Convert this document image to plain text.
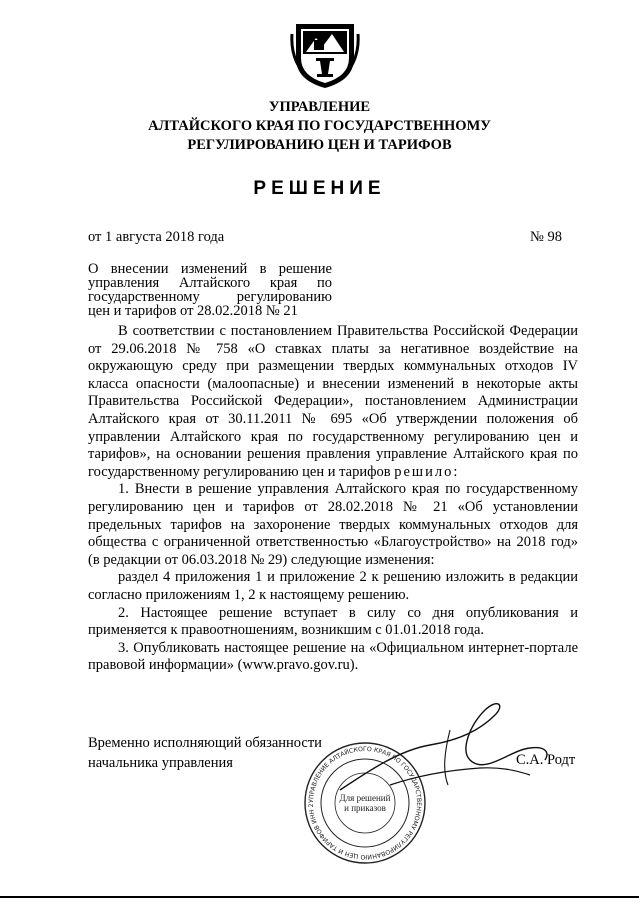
УПРАВЛЕНИЕ
АЛТАЙСКОГО КРАЯ ПО ГОСУДАРСТВЕННОМУ
РЕГУЛИРОВАНИЮ ЦЕН И ТАРИФОВ
РЕШЕНИЕ
от 1 августа 2018 года	№ 98
О внесении изменений в решение
управления Алтайского края по
государственному регулированию
цен и тарифов от 28.02.2018 № 21

В соответствии с постановлением Правительства Российской Федерации от 29.06.2018 № 758 «О ставках платы за негативное воздействие на окружающую среду при размещении твердых коммунальных отходов IV класса опасности (малоопасные) и внесении изменений в некоторые акты Правительства Российской Федерации», постановлением Администрации Алтайского края от 30.11.2011 № 695 «Об утверждении положения об управлении Алтайского края по государственному регулированию цен и тарифов», на основании решения правления управление Алтайского края по государственному регулированию цен и тарифов решило:

1. Внести в решение управления Алтайского края по государственному регулированию цен и тарифов от 28.02.2018 № 21 «Об установлении предельных тарифов на захоронение твердых коммунальных отходов для общества с ограниченной ответственностью «Благоустройство» на 2018 год» (в редакции от 06.03.2018 № 29) следующие изменения:

раздел 4 приложения 1 и приложение 2 к решению изложить в редакции согласно приложениям 1, 2 к настоящему решению.

2. Настоящее решение вступает в силу со дня опубликования и применяется к правоотношениям, возникшим с 01.01.2018 года.

3. Опубликовать настоящее решение на «Официальном интернет-портале правовой информации» (www.pravo.gov.ru).

Временно исполняющий обязанности
начальника управления
УПРАВЛЕНИЕ АЛТАЙСКОГО КРАЯ ПО ГОСУДАРСТВЕННОМУ РЕГУЛИРОВАНИЮ ЦЕН И ТАРИФОВ ИНН 2
Для решений
и приказов
С.А. Родт
